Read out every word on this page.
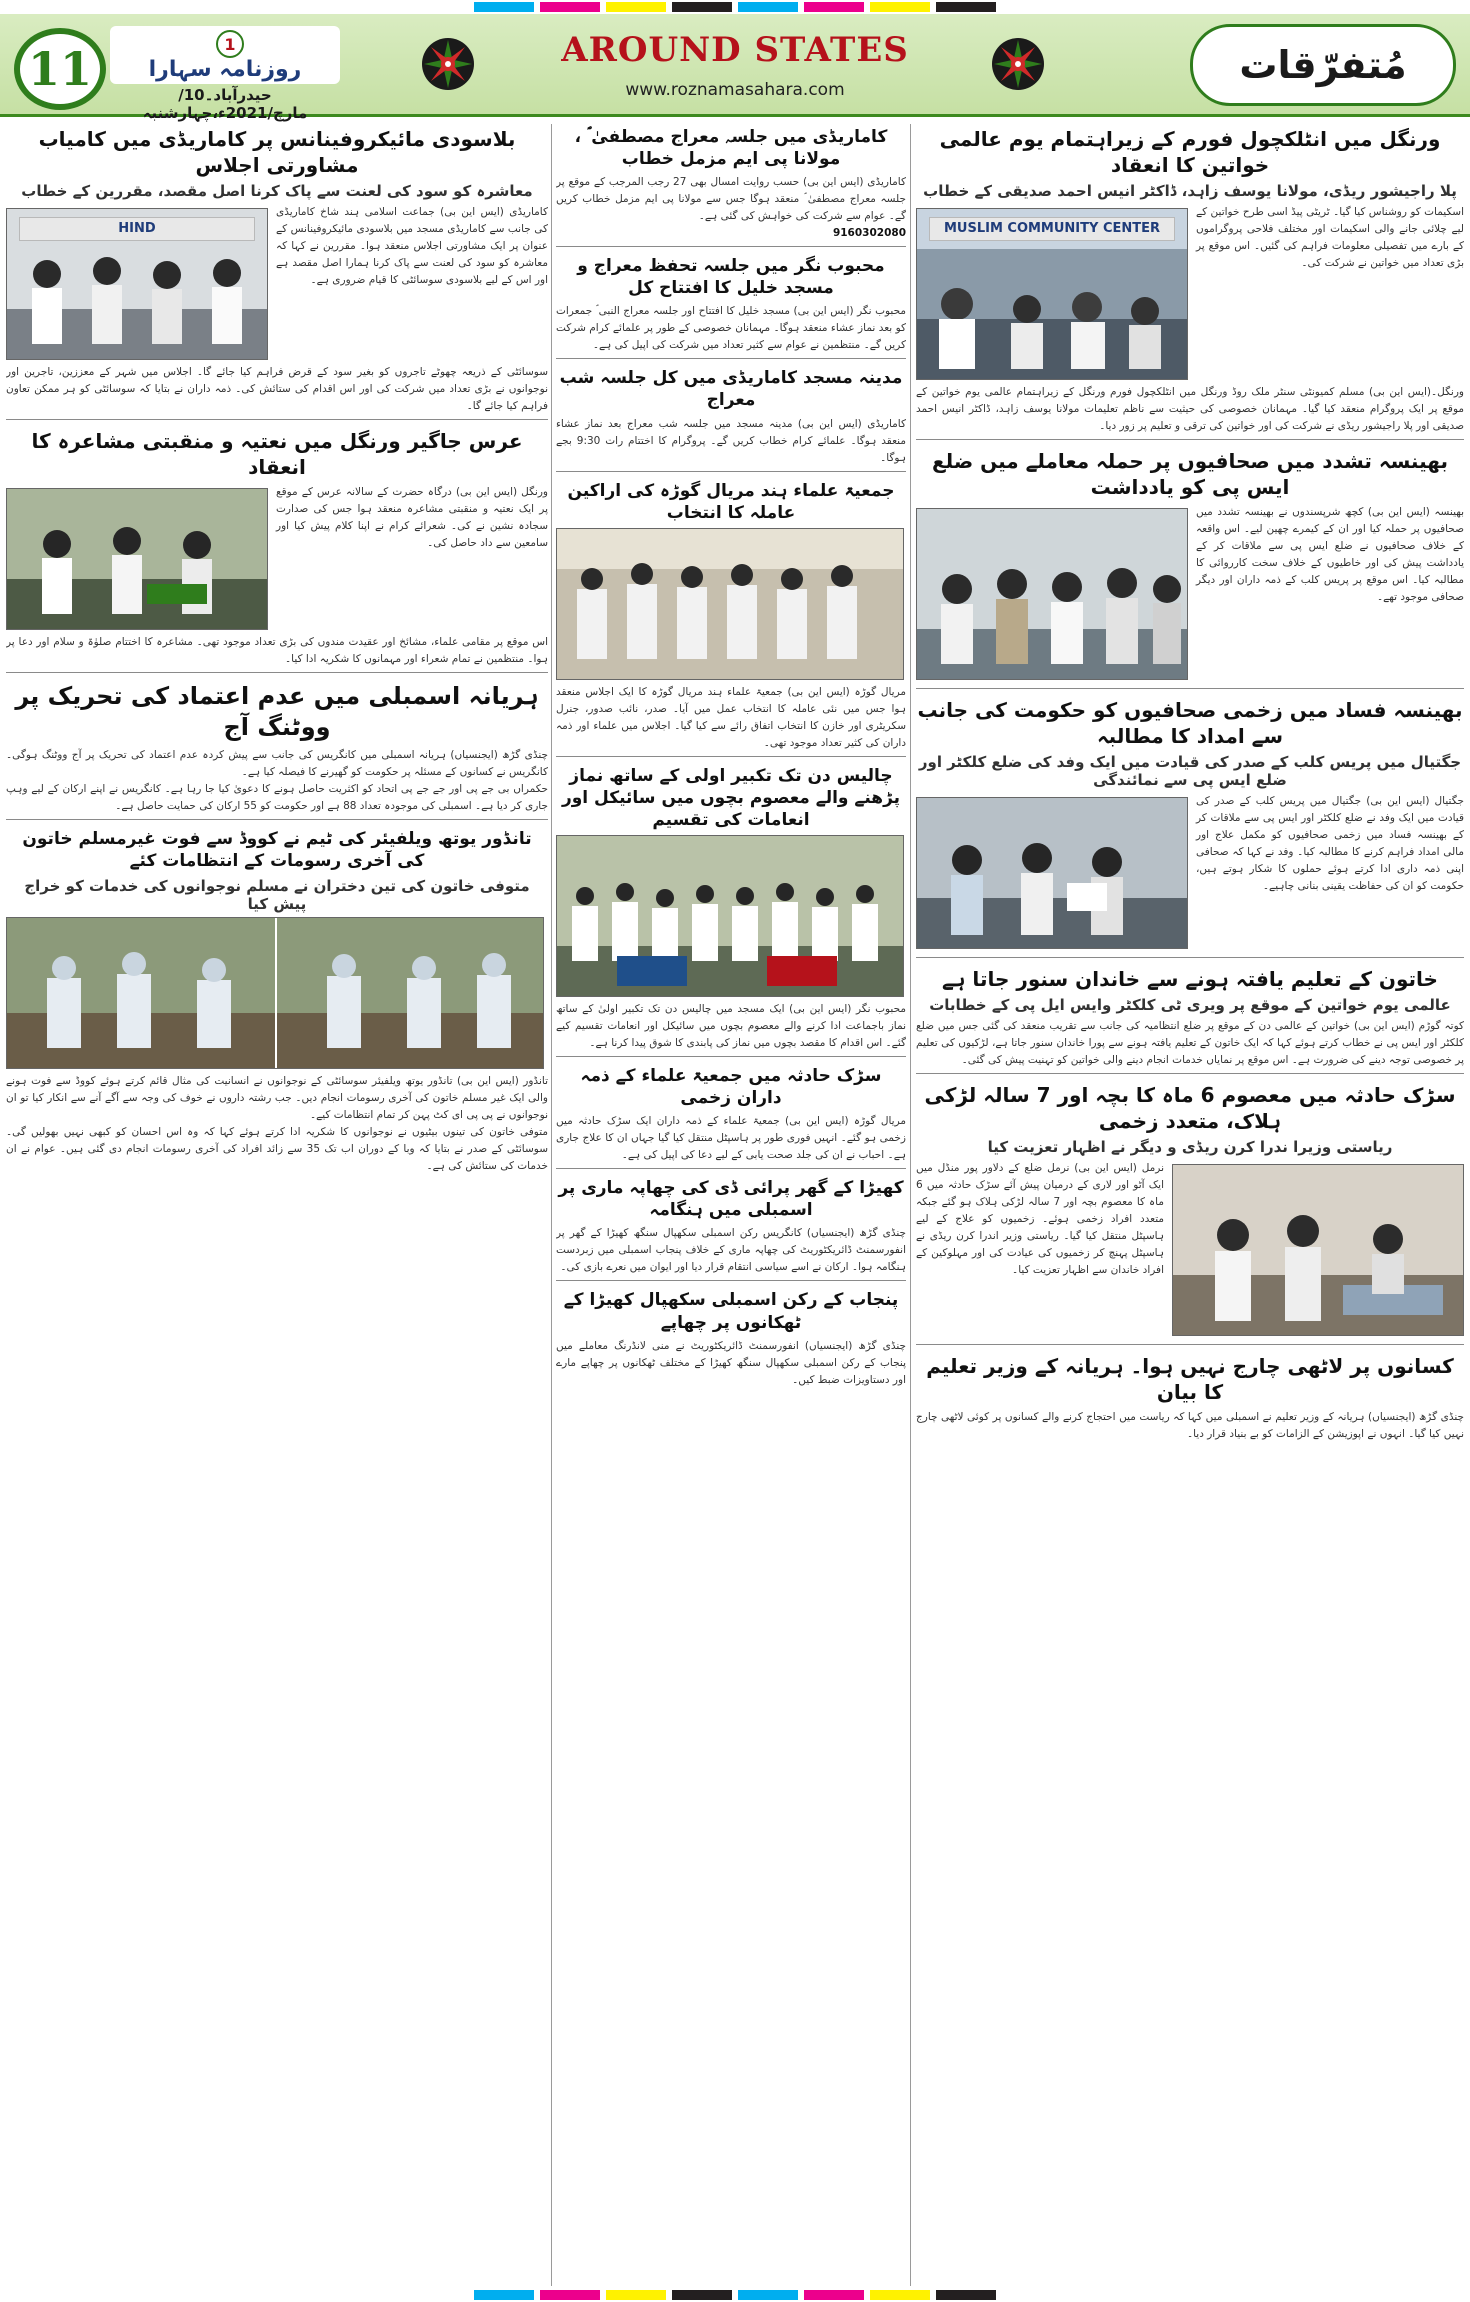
11	1
روزنامہ سہارا
حیدرآباد۔10/مارچ/2021ء،چہارشنبہ
AROUND STATES
www.roznamasahara.com
مُتفرّقات
ورنگل میں انٹلکچول فورم کے زیراہتمام یوم عالمی خواتین کا انعقاد
پلا راجیشور ریڈی، مولانا یوسف زاہد، ڈاکٹر انیس احمد صدیقی کے خطاب
MUSLIM COMMUNITY CENTER
اسکیمات کو روشناس کیا گیا۔ ٹریٹی پیڈ اسی طرح خواتین کے لیے چلائی جانے والی اسکیمات اور مختلف فلاحی پروگراموں کے بارے میں تفصیلی معلومات فراہم کی گئیں۔ اس موقع پر بڑی تعداد میں خواتین نے شرکت کی۔
ورنگل۔(ایس این بی) مسلم کمیونٹی سنٹر ملک روڈ ورنگل میں انٹلکچول فورم ورنگل کے زیراہتمام عالمی یوم خواتین کے موقع پر ایک پروگرام منعقد کیا گیا۔ مہمانان خصوصی کی حیثیت سے ناظم تعلیمات مولانا یوسف زاہد، ڈاکٹر انیس احمد صدیقی اور پلا راجیشور ریڈی نے شرکت کی اور خواتین کی ترقی و تعلیم پر زور دیا۔
بھینسہ تشدد میں صحافیوں پر حملہ معاملے میں ضلع ایس پی کو یادداشت
بھینسہ (ایس این بی) کچھ شرپسندوں نے بھینسہ تشدد میں صحافیوں پر حملہ کیا اور ان کے کیمرے چھین لیے۔ اس واقعہ کے خلاف صحافیوں نے ضلع ایس پی سے ملاقات کر کے یادداشت پیش کی اور خاطیوں کے خلاف سخت کارروائی کا مطالبہ کیا۔ اس موقع پر پریس کلب کے ذمہ داران اور دیگر صحافی موجود تھے۔
بھینسہ فساد میں زخمی صحافیوں کو حکومت کی جانب سے امداد کا مطالبہ
جگتیال میں پریس کلب کے صدر کی قیادت میں ایک وفد کی ضلع کلکٹر اور ضلع ایس پی سے نمائندگی
جگتیال (ایس این بی) جگتیال میں پریس کلب کے صدر کی قیادت میں ایک وفد نے ضلع کلکٹر اور ایس پی سے ملاقات کر کے بھینسہ فساد میں زخمی صحافیوں کو مکمل علاج اور مالی امداد فراہم کرنے کا مطالبہ کیا۔ وفد نے کہا کہ صحافی اپنی ذمہ داری ادا کرتے ہوئے حملوں کا شکار ہوتے ہیں، حکومت کو ان کی حفاظت یقینی بنانی چاہیے۔
خاتون کے تعلیم یافتہ ہونے سے خاندان سنور جاتا ہے
عالمی یوم خواتین کے موقع پر ویری ٹی کلکٹر وایس ایل پی کے خطابات
کوتہ گوڑم (ایس این بی) خواتین کے عالمی دن کے موقع پر ضلع انتظامیہ کی جانب سے تقریب منعقد کی گئی جس میں ضلع کلکٹر اور ایس پی نے خطاب کرتے ہوئے کہا کہ ایک خاتون کے تعلیم یافتہ ہونے سے پورا خاندان سنور جاتا ہے، لڑکیوں کی تعلیم پر خصوصی توجہ دینے کی ضرورت ہے۔ اس موقع پر نمایاں خدمات انجام دینے والی خواتین کو تہنیت پیش کی گئی۔
سڑک حادثہ میں معصوم 6 ماہ کا بچہ اور 7 سالہ لڑکی ہلاک، متعدد زخمی
ریاستی وزیرا ندرا کرن ریڈی و دیگر نے اظہار تعزیت کیا
نرمل (ایس این بی) نرمل ضلع کے دلاور پور منڈل میں ایک آٹو اور لاری کے درمیان پیش آئے سڑک حادثہ میں 6 ماہ کا معصوم بچہ اور 7 سالہ لڑکی ہلاک ہو گئے جبکہ متعدد افراد زخمی ہوئے۔ زخمیوں کو علاج کے لیے ہاسپٹل منتقل کیا گیا۔ ریاستی وزیر اندرا کرن ریڈی نے ہاسپٹل پہنچ کر زخمیوں کی عیادت کی اور مہلوکین کے افراد خاندان سے اظہار تعزیت کیا۔
کسانوں پر لاٹھی چارج نہیں ہوا۔ ہریانہ کے وزیر تعلیم کا بیان
چنڈی گڑھ (ایجنسیاں) ہریانہ کے وزیر تعلیم نے اسمبلی میں کہا کہ ریاست میں احتجاج کرنے والے کسانوں پر کوئی لاٹھی چارج نہیں کیا گیا۔ انہوں نے اپوزیشن کے الزامات کو بے بنیاد قرار دیا۔
کاماریڈی میں جلسہ معراج مصطفیٰ ؐ ، مولانا پی ایم مزمل خطاب
کاماریڈی (ایس این بی) حسب روایت امسال بھی 27 رجب المرجب کے موقع پر جلسہ معراج مصطفیٰ ؐ منعقد ہوگا جس سے مولانا پی ایم مزمل خطاب کریں گے۔ عوام سے شرکت کی خواہش کی گئی ہے۔
9160302080
محبوب نگر میں جلسہ تحفظ معراج و مسجد خلیل کا افتتاح کل
محبوب نگر (ایس این بی) مسجد خلیل کا افتتاح اور جلسہ معراج النبی ؐ جمعرات کو بعد نماز عشاء منعقد ہوگا۔ مہمانان خصوصی کے طور پر علمائے کرام شرکت کریں گے۔ منتظمین نے عوام سے کثیر تعداد میں شرکت کی اپیل کی ہے۔
مدینہ مسجد کاماریڈی میں کل جلسہ شب معراج
کاماریڈی (ایس این بی) مدینہ مسجد میں جلسہ شب معراج بعد نماز عشاء منعقد ہوگا۔ علمائے کرام خطاب کریں گے۔ پروگرام کا اختتام رات 9:30 بجے ہوگا۔
جمعیۃ علماء ہند مریال گوڑہ کی اراکین عاملہ کا انتخاب
مریال گوڑہ (ایس این بی) جمعیۃ علماء ہند مریال گوڑہ کا ایک اجلاس منعقد ہوا جس میں نئی عاملہ کا انتخاب عمل میں آیا۔ صدر، نائب صدور، جنرل سکریٹری اور خازن کا انتخاب اتفاق رائے سے کیا گیا۔ اجلاس میں علماء اور ذمہ داران کی کثیر تعداد موجود تھی۔
چالیس دن تک تکبیر اولی کے ساتھ نماز پڑھنے والے معصوم بچوں میں سائیکل اور انعامات کی تقسیم
محبوب نگر (ایس این بی) ایک مسجد میں چالیس دن تک تکبیر اولیٰ کے ساتھ نماز باجماعت ادا کرنے والے معصوم بچوں میں سائیکل اور انعامات تقسیم کیے گئے۔ اس اقدام کا مقصد بچوں میں نماز کی پابندی کا شوق پیدا کرنا ہے۔
سڑک حادثہ میں جمعیۃ علماء کے ذمہ داران زخمی
مریال گوڑہ (ایس این بی) جمعیۃ علماء کے ذمہ داران ایک سڑک حادثہ میں زخمی ہو گئے۔ انہیں فوری طور پر ہاسپٹل منتقل کیا گیا جہاں ان کا علاج جاری ہے۔ احباب نے ان کی جلد صحت یابی کے لیے دعا کی اپیل کی ہے۔
کھیڑا کے گھر پرائی ڈی کی چھاپہ ماری پر اسمبلی میں ہنگامہ
چنڈی گڑھ (ایجنسیاں) کانگریس رکن اسمبلی سکھپال سنگھ کھیڑا کے گھر پر انفورسمنٹ ڈائریکٹوریٹ کی چھاپہ ماری کے خلاف پنجاب اسمبلی میں زبردست ہنگامہ ہوا۔ ارکان نے اسے سیاسی انتقام قرار دیا اور ایوان میں نعرے بازی کی۔
پنجاب کے رکن اسمبلی سکھپال کھیڑا کے ٹھکانوں پر چھاپے
چنڈی گڑھ (ایجنسیاں) انفورسمنٹ ڈائریکٹوریٹ نے منی لانڈرنگ معاملے میں پنجاب کے رکن اسمبلی سکھپال سنگھ کھیڑا کے مختلف ٹھکانوں پر چھاپے مارے اور دستاویزات ضبط کیں۔
بلاسودی مائیکروفینانس پر کاماریڈی میں کامیاب مشاورتی اجلاس
معاشرہ کو سود کی لعنت سے پاک کرنا اصل مقصد، مقررین کے خطاب
HIND
کاماریڈی (ایس این بی) جماعت اسلامی ہند شاخ کاماریڈی کی جانب سے کاماریڈی مسجد میں بلاسودی مائیکروفینانس کے عنوان پر ایک مشاورتی اجلاس منعقد ہوا۔ مقررین نے کہا کہ معاشرہ کو سود کی لعنت سے پاک کرنا ہمارا اصل مقصد ہے اور اس کے لیے بلاسودی سوسائٹی کا قیام ضروری ہے۔
سوسائٹی کے ذریعہ چھوٹے تاجروں کو بغیر سود کے قرض فراہم کیا جائے گا۔ اجلاس میں شہر کے معززین، تاجرین اور نوجوانوں نے بڑی تعداد میں شرکت کی اور اس اقدام کی ستائش کی۔ ذمہ داران نے بتایا کہ سوسائٹی کو ہر ممکن تعاون فراہم کیا جائے گا۔
عرس جاگیر ورنگل میں نعتیہ و منقبتی مشاعرہ کا انعقاد
ورنگل (ایس این بی) درگاہ حضرت کے سالانہ عرس کے موقع پر ایک نعتیہ و منقبتی مشاعرہ منعقد ہوا جس کی صدارت سجادہ نشین نے کی۔ شعرائے کرام نے اپنا کلام پیش کیا اور سامعین سے داد حاصل کی۔
اس موقع پر مقامی علماء، مشائخ اور عقیدت مندوں کی بڑی تعداد موجود تھی۔ مشاعرہ کا اختتام صلوٰۃ و سلام اور دعا پر ہوا۔ منتظمین نے تمام شعراء اور مہمانوں کا شکریہ ادا کیا۔
ہریانہ اسمبلی میں عدم اعتماد کی تحریک پر ووٹنگ آج
چنڈی گڑھ (ایجنسیاں) ہریانہ اسمبلی میں کانگریس کی جانب سے پیش کردہ عدم اعتماد کی تحریک پر آج ووٹنگ ہوگی۔ کانگریس نے کسانوں کے مسئلہ پر حکومت کو گھیرنے کا فیصلہ کیا ہے۔
حکمراں بی جے پی اور جے جے پی اتحاد کو اکثریت حاصل ہونے کا دعویٰ کیا جا رہا ہے۔ کانگریس نے اپنے ارکان کے لیے وہپ جاری کر دیا ہے۔ اسمبلی کی موجودہ تعداد 88 ہے اور حکومت کو 55 ارکان کی حمایت حاصل ہے۔
تانڈور یوتھ ویلفیئر کی ٹیم نے کووڈ سے فوت غیرمسلم خاتون کی آخری رسومات کے انتظامات کئے
متوفی خاتون کی تین دختران نے مسلم نوجوانوں کی خدمات کو خراج پیش کیا
تانڈور (ایس این بی) تانڈور یوتھ ویلفیئر سوسائٹی کے نوجوانوں نے انسانیت کی مثال قائم کرتے ہوئے کووڈ سے فوت ہونے والی ایک غیر مسلم خاتون کی آخری رسومات انجام دیں۔ جب رشتہ داروں نے خوف کی وجہ سے آگے آنے سے انکار کیا تو ان نوجوانوں نے پی پی ای کٹ پہن کر تمام انتظامات کیے۔
متوفی خاتون کی تینوں بیٹیوں نے نوجوانوں کا شکریہ ادا کرتے ہوئے کہا کہ وہ اس احسان کو کبھی نہیں بھولیں گی۔ سوسائٹی کے صدر نے بتایا کہ وبا کے دوران اب تک 35 سے زائد افراد کی آخری رسومات انجام دی گئی ہیں۔ عوام نے ان خدمات کی ستائش کی ہے۔
